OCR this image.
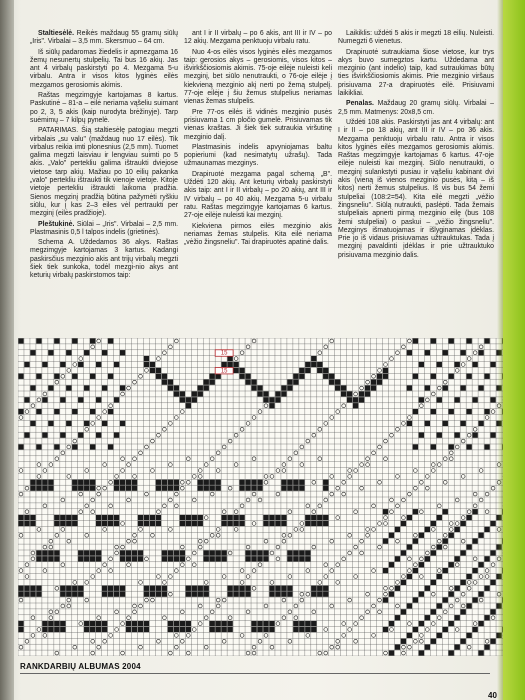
Staltiesėlė. Reikės maždaug 55 gramų siūlų „Iris". Virbalai – 3,5 mm. Skersmuo – 64 cm.

Iš siūlų padaromas žiedelis ir apmezgama 16 žemų nesunertų stulpelių. Tai bus 16 akių. Jas ant 4 virbalų paskirstyti po 4. Mezgama 5-u virbalu. Antra ir visos kitos lyginės eilės mezgamos gerosiomis akimis.

Raštas megzimgyje kartojamas 8 kartus. Paskutinė – 81-a – eilė neriama vąšeliu suimant po 2, 3, 5 akis (kaip nurodyta brėžinyje). Tarp suėmimų – 7 kilpų pynelė.

PATARIMAS. Šią staltiesėlę patogiau megzti virbalais „su valu" (maždaug nuo 17 eilės). Tik virbalus reikia imti plonesnius (2,5 mm). Tuomet galima megzti laisviau ir lengviau suimti po 5 akis. „Valo" pertekliu galima ištraukti dviejose vietose tarp akių. Mažiau po 10 eilių pakanka „valo" pertekliu ištraukti tik vienoje vietoje. Kitoje vietoje pertekliu ištraukti laikoma pradžia. Sienos megzinį pradžią būtina pažymėti ryškiu siūlu, kur į kas 2–3 eiles vėl pertraukti per mezginį (eilės pradžioje).

Pleštukinė. Siūlai – „Iris". Virbalai – 2,5 mm. Plastmasinis 0,5 l talpos indelis (grietinės).

Schema A. Uždedamos 36 akys. Raštas megzimgyje kartojamas 3 kartus. Kadangi paskirsčius mezginio akis ant trijų virbalų megzti šiek tiek sunkoka, todėl mezgi-nio akys ant keturių virbalų paskirstomos taip:

ant I ir II virbalų – po 6 akis, ant III ir IV – po 12 akių. Mezgama penktuoju virbalu ratu.

Nuo 4-os eilės visos lyginės eilės mezgamos taip: gerosios akys – gerosiomis, visos kitos – išvirkščiosiomis akimis. 75-oje eilėje nuleisti keli mezginį, bet siūlo nenutraukti, o 76-oje eilėje į kiekvieną mezginio akį nerti po žemą stulpelį. 77-oje eilėje į šiu žemus stulpelius neriamas vienas žemas stulpelis.

Pre 77-os eilės iš vidinės mezginio pusės prisiuvama 1 cm pločio gumelė. Prisiuvamas tik vienas kraštas. Ji šiek tiek sutraukia viršutinę mezginio dalį.

Plastmasinis indelis apvyniojamas baltu popieriumi (kad nesimatytų užrašų). Tada užmaunamas mezginys.

Drapiruotė mezgama pagal schemą „B". Uždėti 120 akių. Ant keturių virbalų paskirstyti akis taip: ant I ir II virbalų – po 20 akių, ant III ir IV virbalų – po 40 akių. Mezgama 5-u virbalu ratu. Raštas megzimgyje kartojamas 6 kartus. 27-oje eilėje nuleisti kai mezginį.

Kiekviena pirmos eilės mezginio akis neriamas žemas stulpelis. Kita eilė neriama „vėžio žingsneliu". Tai drapiruotės apatinė dalis.

Laikiklis: uždėti 5 akis ir megzti 18 eilių. Nuleisti. Numegzti 6 vienetus.

Drapiruotė sutraukiama šiose vietose, kur trys akys buvo sumegztos kartu. Uždedama ant mezginio (ant indelio) taip, kad sutraukimas būtų ties išvirkščiosiomis akimis. Prie mezginio viršaus prisiuvama 27-a drapiruotės eilė. Prisiuvami laikikliai.

Penalas. Maždaug 20 gramų siūlų. Virbalai – 2,5 mm. Matmenys: 20x8,5 cm.

Uždėti 108 akis. Paskirstyti jas ant 4 virbalų: ant I ir II – po 18 akių, ant III ir IV – po 36 akis. Mezgama penktuoju virbalu ratu. Antra ir visos kitos lyginės eilės mezgamos gerosiomis akimis. Raštas megzimgyje kartojamas 6 kartus. 47-oje eilėje nuleisti kai mezginį. Siūlo nenutraukti, o mezginį sulankstyti pusiau ir vąšeliu kabinant dvi akis (vieną iš vienos mezginio pusės, kitą – iš kitos) nerti žemus stulpelius. Iš vis bus 54 žemi stulpeliai (108:2=54). Kita eilė megzti „vėžio žingsneliu". Siūlą nutraukti, paslėpti. Tada žemais stulpeliais apnerti pirmą mezginio eilę (bus 108 žemi stulpeliai) o paskui – „vėžio žingsneliu". Mezginys išmatuojamas ir išlyginamas įdėklas. Prie jo iš vidaus prisiuvamas užtrauktukas. Tada į mezginį pavaldinti įdėklas ir prie užtrauktuko prisiuvama mezginio dalis.

15
15
RANKDARBIŲ ALBUMAS 2004
40
